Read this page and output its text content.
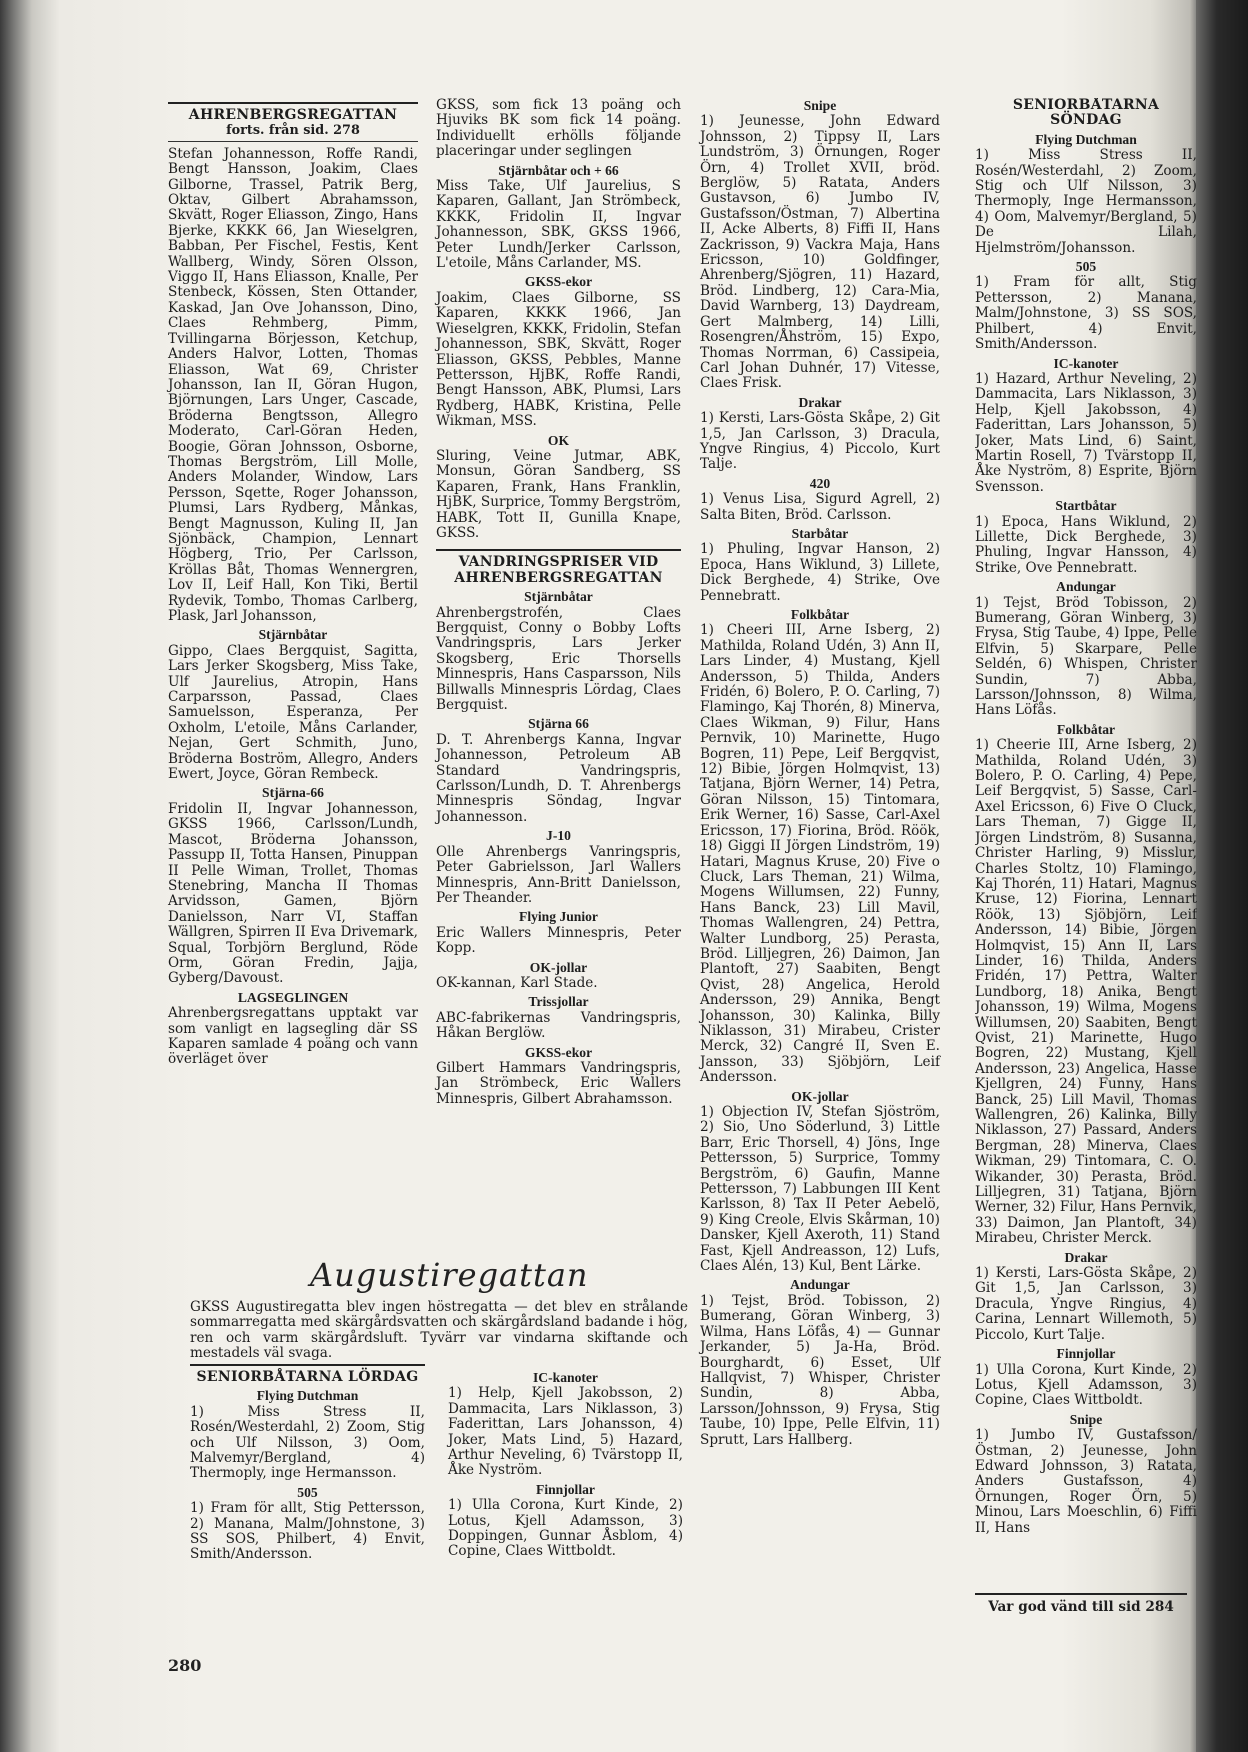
AHRENBERGSREGATTAN
forts. från sid. 278

Stefan Johannesson, Roffe Randi, Bengt Hansson, Joakim, Claes Gilborne, Trassel, Patrik Berg, Oktav, Gilbert Abrahamsson, Skvätt, Roger Eliasson, Zingo, Hans Bjerke, KKKK 66, Jan Wieselgren, Babban, Per Fischel, Festis, Kent Wallberg, Windy, Sören Olsson, Viggo II, Hans Eliasson, Knalle, Per Stenbeck, Kössen, Sten Ottander, Kaskad, Jan Ove Johansson, Dino, Claes Rehmberg, Pimm, Tvillingarna Börjesson, Ketchup, Anders Halvor, Lotten, Thomas Eliasson, Wat 69, Christer Johansson, Ian II, Göran Hugon, Björnungen, Lars Unger, Cascade, Bröderna Bengtsson, Allegro Moderato, Carl-Göran Heden, Boogie, Göran Johnsson, Osborne, Thomas Bergström, Lill Molle, Anders Molander, Window, Lars Persson, Sqette, Roger Johansson, Plumsi, Lars Rydberg, Månkas, Bengt Magnusson, Kuling II, Jan Sjönbäck, Champion, Lennart Högberg, Trio, Per Carlsson, Kröllas Båt, Thomas Wennergren, Lov II, Leif Hall, Kon Tiki, Bertil Rydevik, Tombo, Thomas Carlberg, Plask, Jarl Johansson,

Stjärnbåtar

Gippo, Claes Bergquist, Sagitta, Lars Jerker Skogsberg, Miss Take, Ulf Jaurelius, Atropin, Hans Carparsson, Passad, Claes Samuelsson, Esperanza, Per Oxholm, L'etoile, Måns Carlander, Nejan, Gert Schmith, Juno, Bröderna Boström, Allegro, Anders Ewert, Joyce, Göran Rembeck.

Stjärna-66

Fridolin II, Ingvar Johannesson, GKSS 1966, Carlsson/Lundh, Mascot, Bröderna Johansson, Passupp II, Totta Hansen, Pinuppan II Pelle Wiman, Trollet, Thomas Stenebring, Mancha II Thomas Arvidsson, Gamen, Björn Danielsson, Narr VI, Staffan Wällgren, Spirren II Eva Drivemark, Squal, Torbjörn Berglund, Röde Orm, Göran Fredin, Jajja, Gyberg/Davoust.

LAGSEGLINGEN

Ahrenbergsregattans upptakt var som vanligt en lagsegling där SS Kaparen samlade 4 poäng och vann överläget över

GKSS, som fick 13 poäng och Hjuviks BK som fick 14 poäng. Individuellt erhölls följande placeringar under seglingen

Stjärnbåtar och + 66

Miss Take, Ulf Jaurelius, S Kaparen, Gallant, Jan Strömbeck, KKKK, Fridolin II, Ingvar Johannesson, SBK, GKSS 1966, Peter Lundh/Jerker Carlsson, L'etoile, Måns Carlander, MS.

GKSS-ekor

Joakim, Claes Gilborne, SS Kaparen, KKKK 1966, Jan Wieselgren, KKKK, Fridolin, Stefan Johannesson, SBK, Skvätt, Roger Eliasson, GKSS, Pebbles, Manne Pettersson, HjBK, Roffe Randi, Bengt Hansson, ABK, Plumsi, Lars Rydberg, HABK, Kristina, Pelle Wikman, MSS.

OK

Sluring, Veine Jutmar, ABK, Monsun, Göran Sandberg, SS Kaparen, Frank, Hans Franklin, HjBK, Surprice, Tommy Bergström, HABK, Tott II, Gunilla Knape, GKSS.

VANDRINGSPRISER VID AHRENBERGSREGATTAN
Stjärnbåtar

Ahrenbergstrofén, Claes Bergquist, Conny o Bobby Lofts Vandringspris, Lars Jerker Skogsberg, Eric Thorsells Minnespris, Hans Casparsson, Nils Billwalls Minnespris Lördag, Claes Bergquist.

Stjärna 66

D. T. Ahrenbergs Kanna, Ingvar Johannesson, Petroleum AB Standard Vandringspris, Carlsson/Lundh, D. T. Ahrenbergs Minnespris Söndag, Ingvar Johannesson.

J-10

Olle Ahrenbergs Vanringspris, Peter Gabrielsson, Jarl Wallers Minnespris, Ann-Britt Danielsson, Per Theander.

Flying Junior

Eric Wallers Minnespris, Peter Kopp.

OK-jollar

OK-kannan, Karl Stade.

Trissjollar

ABC-fabrikernas Vandringspris, Håkan Berglöw.

GKSS-ekor

Gilbert Hammars Vandringspris, Jan Strömbeck, Eric Wallers Minnespris, Gilbert Abrahamsson.

Snipe

1) Jeunesse, John Edward Johnsson, 2) Tippsy II, Lars Lundström, 3) Örnungen, Roger Örn, 4) Trollet XVII, bröd. Berglöw, 5) Ratata, Anders Gustavson, 6) Jumbo IV, Gustafsson/Östman, 7) Albertina II, Acke Alberts, 8) Fiffi II, Hans Zackrisson, 9) Vackra Maja, Hans Ericsson, 10) Goldfinger, Ahrenberg/Sjögren, 11) Hazard, Bröd. Lindberg, 12) Cara-Mia, David Warnberg, 13) Daydream, Gert Malmberg, 14) Lilli, Rosengren/Åhström, 15) Expo, Thomas Norrman, 6) Cassipeia, Carl Johan Duhnér, 17) Vitesse, Claes Frisk.

Drakar

1) Kersti, Lars-Gösta Skåpe, 2) Git 1,5, Jan Carlsson, 3) Dracula, Yngve Ringius, 4) Piccolo, Kurt Talje.

420

1) Venus Lisa, Sigurd Agrell, 2) Salta Biten, Bröd. Carlsson.

Starbåtar

1) Phuling, Ingvar Hanson, 2) Epoca, Hans Wiklund, 3) Lillete, Dick Berghede, 4) Strike, Ove Pennebratt.

Folkbåtar

1) Cheeri III, Arne Isberg, 2) Mathilda, Roland Udén, 3) Ann II, Lars Linder, 4) Mustang, Kjell Andersson, 5) Thilda, Anders Fridén, 6) Bolero, P. O. Carling, 7) Flamingo, Kaj Thorén, 8) Minerva, Claes Wikman, 9) Filur, Hans Pernvik, 10) Marinette, Hugo Bogren, 11) Pepe, Leif Bergqvist, 12) Bibie, Jörgen Holmqvist, 13) Tatjana, Björn Werner, 14) Petra, Göran Nilsson, 15) Tintomara, Erik Werner, 16) Sasse, Carl-Axel Ericsson, 17) Fiorina, Bröd. Röök, 18) Giggi II Jörgen Lindström, 19) Hatari, Magnus Kruse, 20) Five o Cluck, Lars Theman, 21) Wilma, Mogens Willumsen, 22) Funny, Hans Banck, 23) Lill Mavil, Thomas Wallengren, 24) Pettra, Walter Lundborg, 25) Perasta, Bröd. Lilljegren, 26) Daimon, Jan Plantoft, 27) Saabiten, Bengt Qvist, 28) Angelica, Herold Andersson, 29) Annika, Bengt Johansson, 30) Kalinka, Billy Niklasson, 31) Mirabeu, Crister Merck, 32) Cangré II, Sven E. Jansson, 33) Sjöbjörn, Leif Andersson.

OK-jollar

1) Objection IV, Stefan Sjöström, 2) Sio, Uno Söderlund, 3) Little Barr, Eric Thorsell, 4) Jöns, Inge Pettersson, 5) Surprice, Tommy Bergström, 6) Gaufin, Manne Pettersson, 7) Labbungen III Kent Karlsson, 8) Tax II Peter Aebelö, 9) King Creole, Elvis Skårman, 10) Dansker, Kjell Axeroth, 11) Stand Fast, Kjell Andreasson, 12) Lufs, Claes Alén, 13) Kul, Bent Lärke.

Andungar

1) Tejst, Bröd. Tobisson, 2) Bumerang, Göran Winberg, 3) Wilma, Hans Löfås, 4) — Gunnar Jerkander, 5) Ja-Ha, Bröd. Bourghardt, 6) Esset, Ulf Hallqvist, 7) Whisper, Christer Sundin, 8) Abba, Larsson/Johnsson, 9) Frysa, Stig Taube, 10) Ippe, Pelle Elfvin, 11) Sprutt, Lars Hallberg.

SENIORBÅTARNA SÖNDAG
Flying Dutchman

1) Miss Stress II, Rosén/Westerdahl, 2) Zoom, Stig och Ulf Nilsson, 3) Thermoply, Inge Hermansson, 4) Oom, Malvemyr/Bergland, 5) De Lilah, Hjelmström/Johansson.

505

1) Fram för allt, Stig Pettersson, 2) Manana, Malm/Johnstone, 3) SS SOS, Philbert, 4) Envit, Smith/Andersson.

IC-kanoter

1) Hazard, Arthur Neveling, 2) Dammacita, Lars Niklasson, 3) Help, Kjell Jakobsson, 4) Faderittan, Lars Johansson, 5) Joker, Mats Lind, 6) Saint, Martin Rosell, 7) Tvärstopp II, Åke Nyström, 8) Esprite, Björn Svensson.

Startbåtar

1) Epoca, Hans Wiklund, 2) Lillette, Dick Berghede, 3) Phuling, Ingvar Hansson, 4) Strike, Ove Pennebratt.

Andungar

1) Tejst, Bröd Tobisson, 2) Bumerang, Göran Winberg, 3) Frysa, Stig Taube, 4) Ippe, Pelle Elfvin, 5) Skarpare, Pelle Seldén, 6) Whispen, Christer Sundin, 7) Abba, Larsson/Johnsson, 8) Wilma, Hans Löfås.

Folkbåtar

1) Cheerie III, Arne Isberg, 2) Mathilda, Roland Udén, 3) Bolero, P. O. Carling, 4) Pepe, Leif Bergqvist, 5) Sasse, Carl-Axel Ericsson, 6) Five O Cluck, Lars Theman, 7) Gigge II, Jörgen Lindström, 8) Susanna, Christer Harling, 9) Misslur, Charles Stoltz, 10) Flamingo, Kaj Thorén, 11) Hatari, Magnus Kruse, 12) Fiorina, Lennart Röök, 13) Sjöbjörn, Leif Andersson, 14) Bibie, Jörgen Holmqvist, 15) Ann II, Lars Linder, 16) Thilda, Anders Fridén, 17) Pettra, Walter Lundborg, 18) Anika, Bengt Johansson, 19) Wilma, Mogens Willumsen, 20) Saabiten, Bengt Qvist, 21) Marinette, Hugo Bogren, 22) Mustang, Kjell Andersson, 23) Angelica, Hasse Kjellgren, 24) Funny, Hans Banck, 25) Lill Mavil, Thomas Wallengren, 26) Kalinka, Billy Niklasson, 27) Passard, Anders Bergman, 28) Minerva, Claes Wikman, 29) Tintomara, C. O. Wikander, 30) Perasta, Bröd. Lilljegren, 31) Tatjana, Björn Werner, 32) Filur, Hans Pernvik, 33) Daimon, Jan Plantoft, 34) Mirabeu, Christer Merck.

Drakar

1) Kersti, Lars-Gösta Skåpe, 2) Git 1,5, Jan Carlsson, 3) Dracula, Yngve Ringius, 4) Carina, Lennart Willemoth, 5) Piccolo, Kurt Talje.

Finnjollar

1) Ulla Corona, Kurt Kinde, 2) Lotus, Kjell Adamsson, 3) Copine, Claes Wittboldt.

Snipe

1) Jumbo IV, Gustafsson/Östman, 2) Jeunesse, John Edward Johnsson, 3) Ratata, Anders Gustafsson, 4) Örnungen, Roger Örn, 5) Minou, Lars Moeschlin, 6) Fiffi II, Hans

Var god vänd till sid 284
Augustiregattan
GKSS Augustiregatta blev ingen höstregatta — det blev en strålande sommarregatta med skärgårdsvatten och skärgårdsland badande i hög, ren och varm skärgårdsluft. Tyvärr var vindarna skiftande och mestadels väl svaga.
SENIORBÅTARNA LÖRDAG
Flying Dutchman

1) Miss Stress II, Rosén/Westerdahl, 2) Zoom, Stig och Ulf Nilsson, 3) Oom, Malvemyr/Bergland, 4) Thermoply, inge Hermansson.

505

1) Fram för allt, Stig Pettersson, 2) Manana, Malm/Johnstone, 3) SS SOS, Philbert, 4) Envit, Smith/Andersson.

IC-kanoter

1) Help, Kjell Jakobsson, 2) Dammacita, Lars Niklasson, 3) Faderittan, Lars Johansson, 4) Joker, Mats Lind, 5) Hazard, Arthur Neveling, 6) Tvärstopp II, Åke Nyström.

Finnjollar

1) Ulla Corona, Kurt Kinde, 2) Lotus, Kjell Adamsson, 3) Doppingen, Gunnar Åsblom, 4) Copine, Claes Wittboldt.

280
